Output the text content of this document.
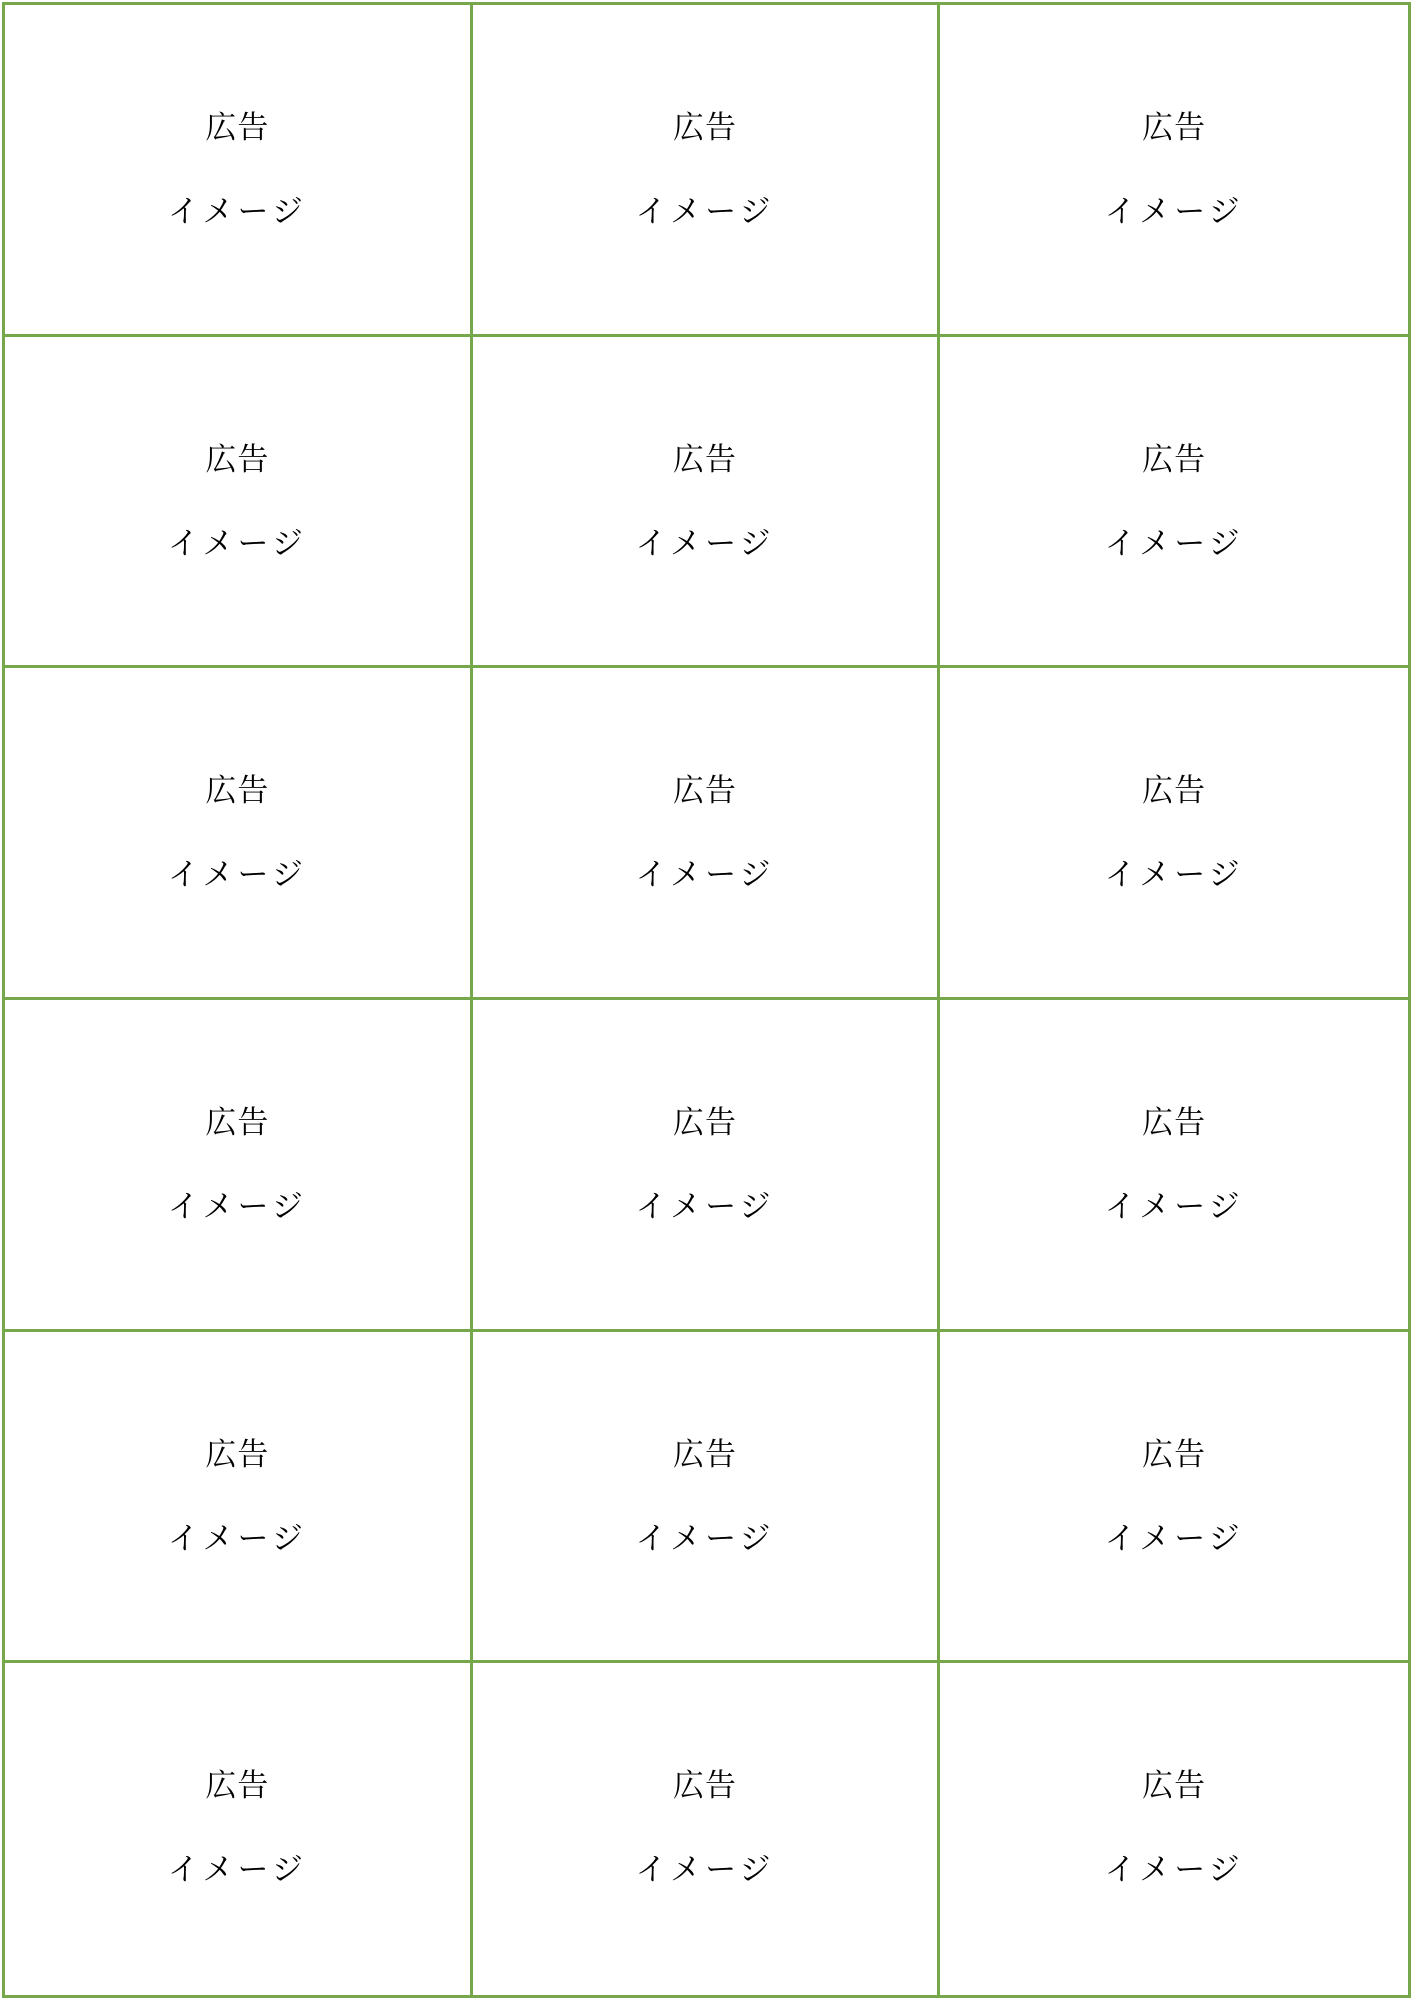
広告
イメージ
広告
イメージ
広告
イメージ
広告
イメージ
広告
イメージ
広告
イメージ
広告
イメージ
広告
イメージ
広告
イメージ
広告
イメージ
広告
イメージ
広告
イメージ
広告
イメージ
広告
イメージ
広告
イメージ
広告
イメージ
広告
イメージ
広告
イメージ
